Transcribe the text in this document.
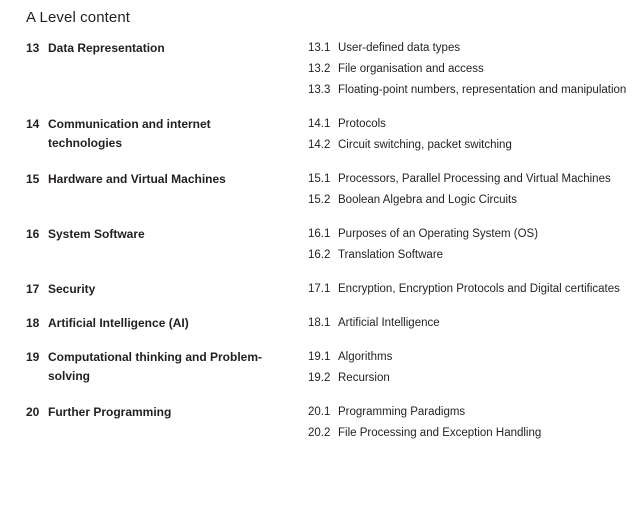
A Level content
13 Data Representation	13.1 User-defined data types
13.2 File organisation and access
13.3 Floating-point numbers, representation and manipulation
14 Communication and internet technologies
14.1 Protocols
14.2 Circuit switching, packet switching
15 Hardware and Virtual Machines	15.1 Processors, Parallel Processing and Virtual Machines
15.2 Boolean Algebra and Logic Circuits
16 System Software	16.1 Purposes of an Operating System (OS)
16.2 Translation Software
17 Security	17.1 Encryption, Encryption Protocols and Digital certificates
18 Artificial Intelligence (AI)	18.1 Artificial Intelligence
19 Computational thinking and Problem-solving
19.1 Algorithms
19.2 Recursion
20 Further Programming	20.1 Programming Paradigms
20.2 File Processing and Exception Handling
